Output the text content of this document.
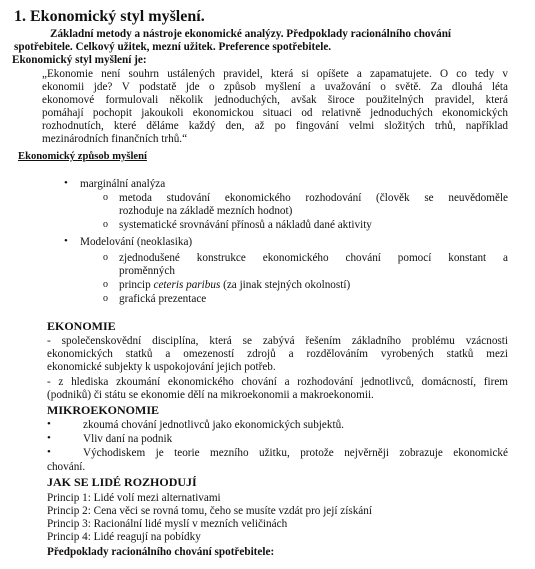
1. Ekonomický styl myšlení.
Základní metody a nástroje ekonomické analýzy. Předpoklady racionálního chování
spotřebitele. Celkový užitek, mezní užitek. Preference spotřebitele.
Ekonomický styl myšlení je:
„Ekonomie není souhrn ustálených pravidel, která si opíšete a zapamatujete. O co tedy v
ekonomii jde? V podstatě jde o způsob myšlení a uvažování o světě. Za dlouhá léta
ekonomové formulovali několik jednoduchých, avšak široce použitelných pravidel, která
pomáhají pochopit jakoukoli ekonomickou situaci od relativně jednoduchých ekonomických
rozhodnutích, které děláme každý den, až po fingování velmi složitých trhů, například
mezinárodních finančních trhů.“
Ekonomický způsob myšlení
• marginální analýza
o metoda studování ekonomického rozhodování (člověk se neuvědoměle
rozhoduje na základě mezních hodnot)
o systematické srovnávání přínosů a nákladů dané aktivity
• Modelování (neoklasika)
o zjednodušené konstrukce ekonomického chování pomocí konstant a
proměnných
o princip ceteris paribus (za jinak stejných okolností)
o grafická prezentace
EKONOMIE
- společenskovědní disciplína, která se zabývá řešením základního problému vzácnosti
ekonomických statků a omezeností zdrojů a rozdělováním vyrobených statků mezi
ekonomické subjekty k uspokojování jejich potřeb.
- z hlediska zkoumání ekonomického chování a rozhodování jednotlivců, domácností, firem
(podniků) či státu se ekonomie dělí na mikroekonomii a makroekonomii.
MIKROEKONOMIE
•	zkoumá chování jednotlivců jako ekonomických subjektů.
•	Vliv daní na podnik
•	Východiskem je teorie mezního užitku, protože nejvěrněji zobrazuje ekonomické
chování.
JAK SE LIDÉ ROZHODUJÍ
Princip 1: Lidé volí mezi alternativami
Princip 2: Cena věci se rovná tomu, čeho se musíte vzdát pro její získání
Princip 3: Racionální lidé myslí v mezních veličinách
Princip 4: Lidé reagují na pobídky
Předpoklady racionálního chování spotřebitele:
